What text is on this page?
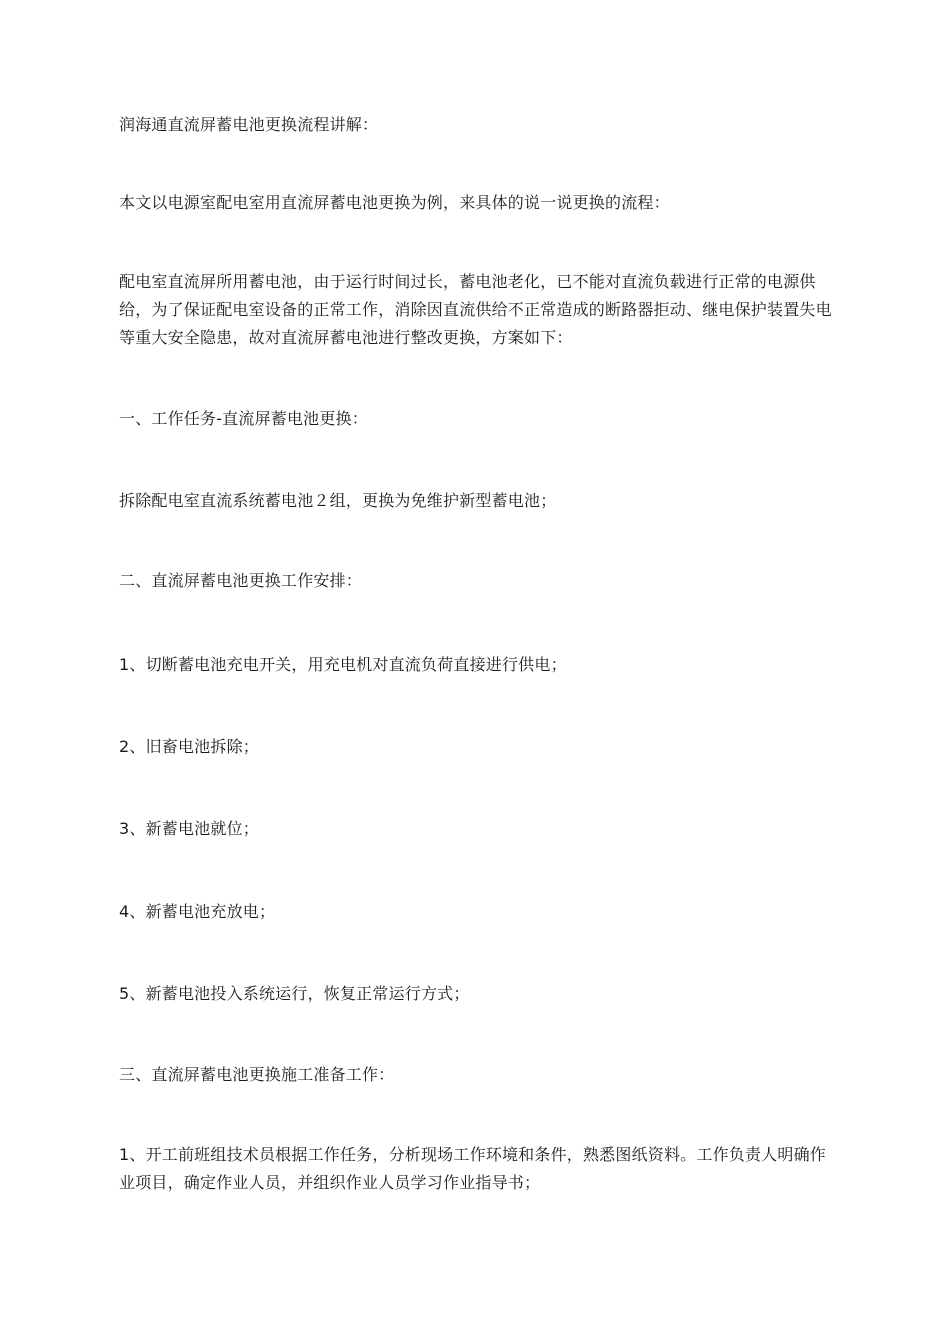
润海通直流屏蓄电池更换流程讲解：

本文以电源室配电室用直流屏蓄电池更换为例，来具体的说一说更换的流程：

配电室直流屏所用蓄电池，由于运行时间过长，蓄电池老化，已不能对直流负载进行正常的电源供给，为了保证配电室设备的正常工作，消除因直流供给不正常造成的断路器拒动、继电保护装置失电等重大安全隐患，故对直流屏蓄电池进行整改更换，方案如下：

一、工作任务-直流屏蓄电池更换：

拆除配电室直流系统蓄电池２组，更换为免维护新型蓄电池；

二、直流屏蓄电池更换工作安排：

1、切断蓄电池充电开关，用充电机对直流负荷直接进行供电；

2、旧畜电池拆除；

3、新蓄电池就位；

4、新蓄电池充放电；

5、新蓄电池投入系统运行，恢复正常运行方式；

三、直流屏蓄电池更换施工准备工作：

1、开工前班组技术员根据工作任务，分析现场工作环境和条件，熟悉图纸资料。工作负责人明确作业项目，确定作业人员，并组织作业人员学习作业指导书；
